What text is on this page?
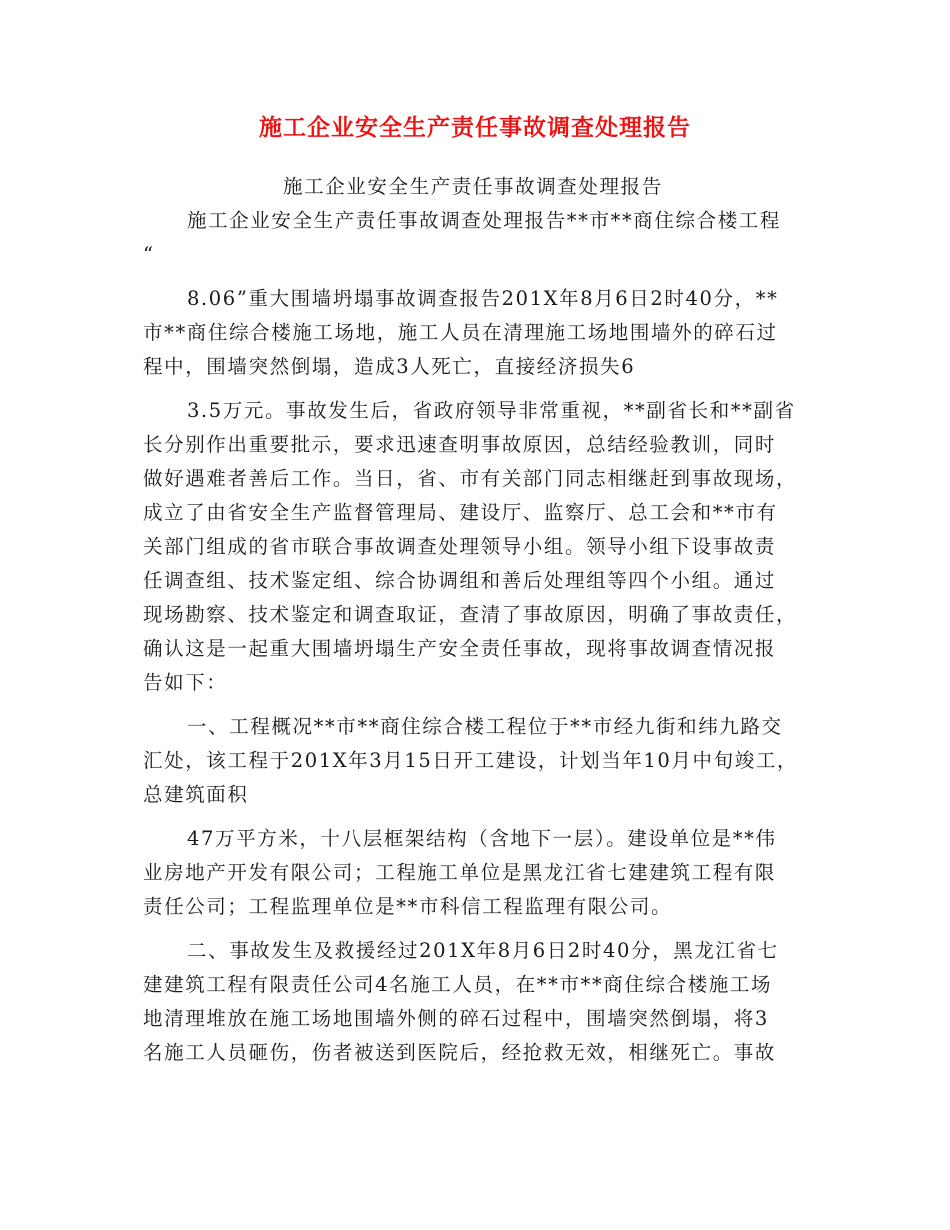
施工企业安全生产责任事故调查处理报告
施工企业安全生产责任事故调查处理报告
施工企业安全生产责任事故调查处理报告**市**商住综合楼工程
“
8.06”重大围墙坍塌事故调查报告201X年8月6日2时40分，**
市**商住综合楼施工场地，施工人员在清理施工场地围墙外的碎石过
程中，围墙突然倒塌，造成3人死亡，直接经济损失6
3.5万元。事故发生后，省政府领导非常重视，**副省长和**副省
长分别作出重要批示，要求迅速查明事故原因，总结经验教训，同时
做好遇难者善后工作。当日，省、市有关部门同志相继赶到事故现场，
成立了由省安全生产监督管理局、建设厅、监察厅、总工会和**市有
关部门组成的省市联合事故调查处理领导小组。领导小组下设事故责
任调查组、技术鉴定组、综合协调组和善后处理组等四个小组。通过
现场勘察、技术鉴定和调查取证，查清了事故原因，明确了事故责任，
确认这是一起重大围墙坍塌生产安全责任事故，现将事故调查情况报
告如下：
一、工程概况**市**商住综合楼工程位于**市经九街和纬九路交
汇处，该工程于201X年3月15日开工建设，计划当年10月中旬竣工，
总建筑面积
47万平方米，十八层框架结构（含地下一层）。建设单位是**伟
业房地产开发有限公司；工程施工单位是黑龙江省七建建筑工程有限
责任公司；工程监理单位是**市科信工程监理有限公司。
二、事故发生及救援经过201X年8月6日2时40分，黑龙江省七
建建筑工程有限责任公司4名施工人员，在**市**商住综合楼施工场
地清理堆放在施工场地围墙外侧的碎石过程中，围墙突然倒塌，将3
名施工人员砸伤，伤者被送到医院后，经抢救无效，相继死亡。事故
